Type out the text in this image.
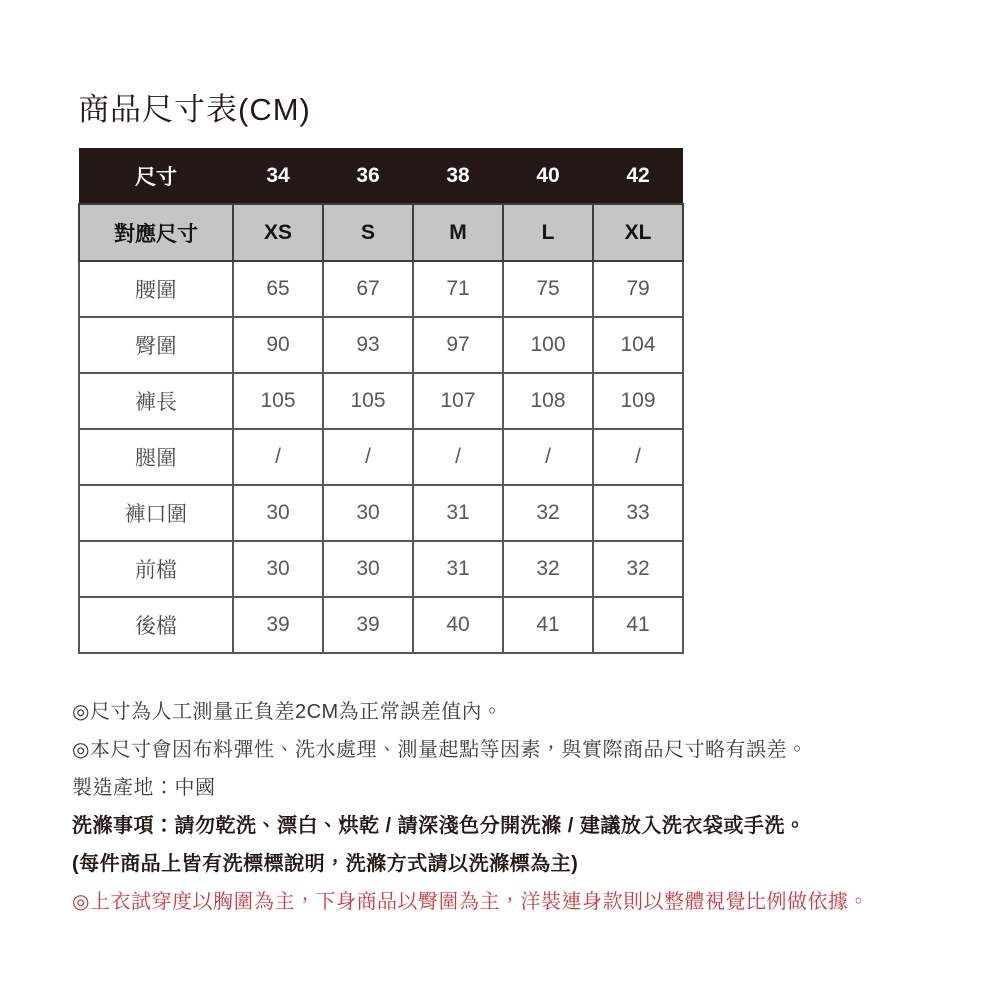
商品尺寸表(CM)
尺寸	34	36	38	40	42
對應尺寸	XS	S	M	L	XL
腰圍	65	67	71	75	79
臀圍	90	93	97	100	104
褲長	105	105	107	108	109
腿圍	/	/	/	/	/
褲口圍	30	30	31	32	33
前檔	30	30	31	32	32
後檔	39	39	40	41	41

◎尺寸為人工測量正負差2CM為正常誤差值內。

◎本尺寸會因布料彈性、洗水處理、測量起點等因素，與實際商品尺寸略有誤差。

製造產地：中國

洗滌事項：請勿乾洗、漂白、烘乾 / 請深淺色分開洗滌 / 建議放入洗衣袋或手洗。

(每件商品上皆有洗標標說明，洗滌方式請以洗滌標為主)

◎上衣試穿度以胸圍為主，下身商品以臀圍為主，洋裝連身款則以整體視覺比例做依據。
